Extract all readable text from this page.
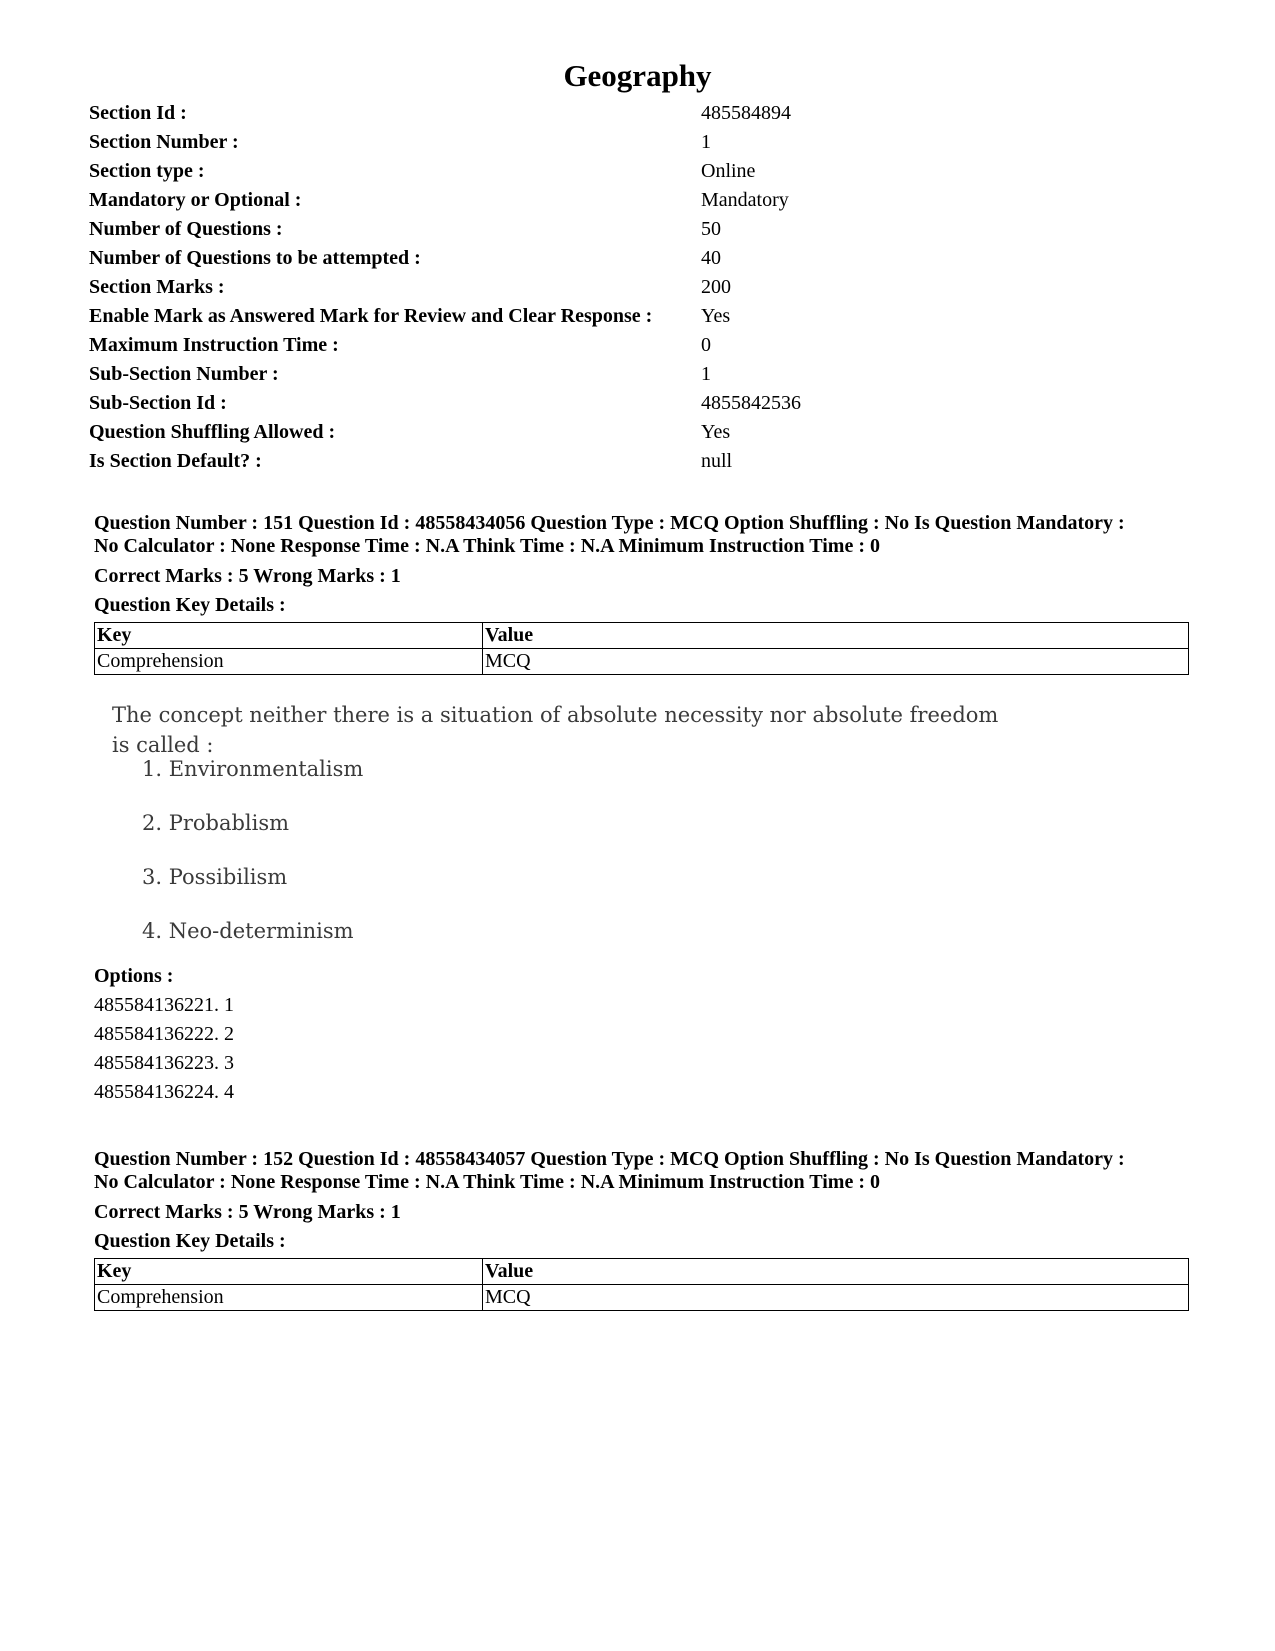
Geography
Section Id :	485584894
Section Number :	1
Section type :	Online
Mandatory or Optional :	Mandatory
Number of Questions :	50
Number of Questions to be attempted :	40
Section Marks :	200
Enable Mark as Answered Mark for Review and Clear Response :	Yes
Maximum Instruction Time :	0
Sub-Section Number :	1
Sub-Section Id :	4855842536
Question Shuffling Allowed :	Yes
Is Section Default? :	null
Question Number : 151 Question Id : 48558434056 Question Type : MCQ Option Shuffling : No Is Question Mandatory :
No Calculator : None Response Time : N.A Think Time : N.A Minimum Instruction Time : 0
Correct Marks : 5 Wrong Marks : 1
Question Key Details :
Key	Value
Comprehension	MCQ
The concept neither there is a situation of absolute necessity nor absolute freedom is called :
1. Environmentalism
2. Probablism
3. Possibilism
4. Neo-determinism
Options :
485584136221. 1
485584136222. 2
485584136223. 3
485584136224. 4
Question Number : 152 Question Id : 48558434057 Question Type : MCQ Option Shuffling : No Is Question Mandatory :
No Calculator : None Response Time : N.A Think Time : N.A Minimum Instruction Time : 0
Correct Marks : 5 Wrong Marks : 1
Question Key Details :
Key	Value
Comprehension	MCQ
